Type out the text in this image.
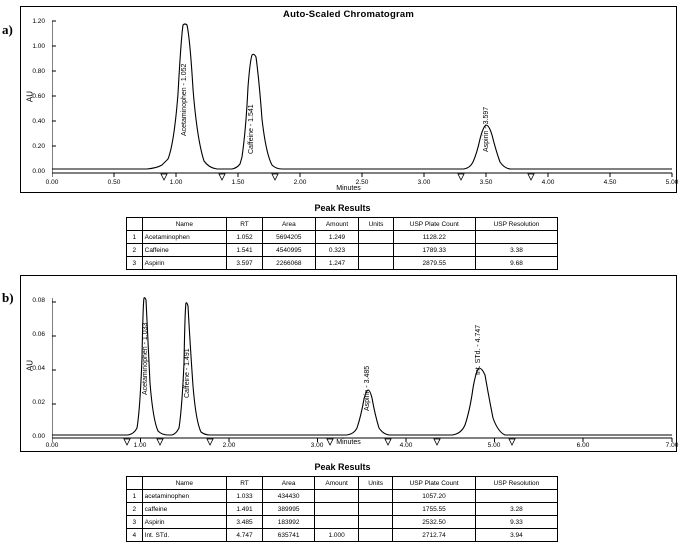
a)
Auto-Scaled Chromatogram
1.20
1.00
0.80
0.60
0.40
0.20
0.00
AU	Acetaminophen - 1.052	Caffeine - 1.541	Aspirin - 3.597
0.00	0.50	1.00	1.50	2.00	2.50	3.00	3.50	4.00	4.50	5.00
Minutes
Peak Results
	Name	RT	Area	Amount	Units	USP Plate Count	USP Resolution
1	Acetaminophen	1.052	5694205	1.249		1128.22	
2	Caffeine	1.541	4540995	0.323		1789.33	3.38
3	Aspirin	3.597	2266068	1.247		2879.55	9.68
b)	0.08
0.06
0.04
0.02
0.00
AU	Acetaminophen - 1.033	Caffeine - 1.491	Aspirin - 3.485
Int. STd. - 4.747
0.00	1.00	2.00	3.00	4.00	5.00	6.00	7.00
Minutes
Peak Results
	Name	RT	Area	Amount	Units	USP Plate Count	USP Resolution
1	acetaminophen	1.033	434430			1057.20	
2	caffeine	1.491	389995			1755.55	3.28
3	Aspirin	3.485	183992			2532.50	9.33
4	Int. STd.	4.747	635741	1.000		2712.74	3.94
